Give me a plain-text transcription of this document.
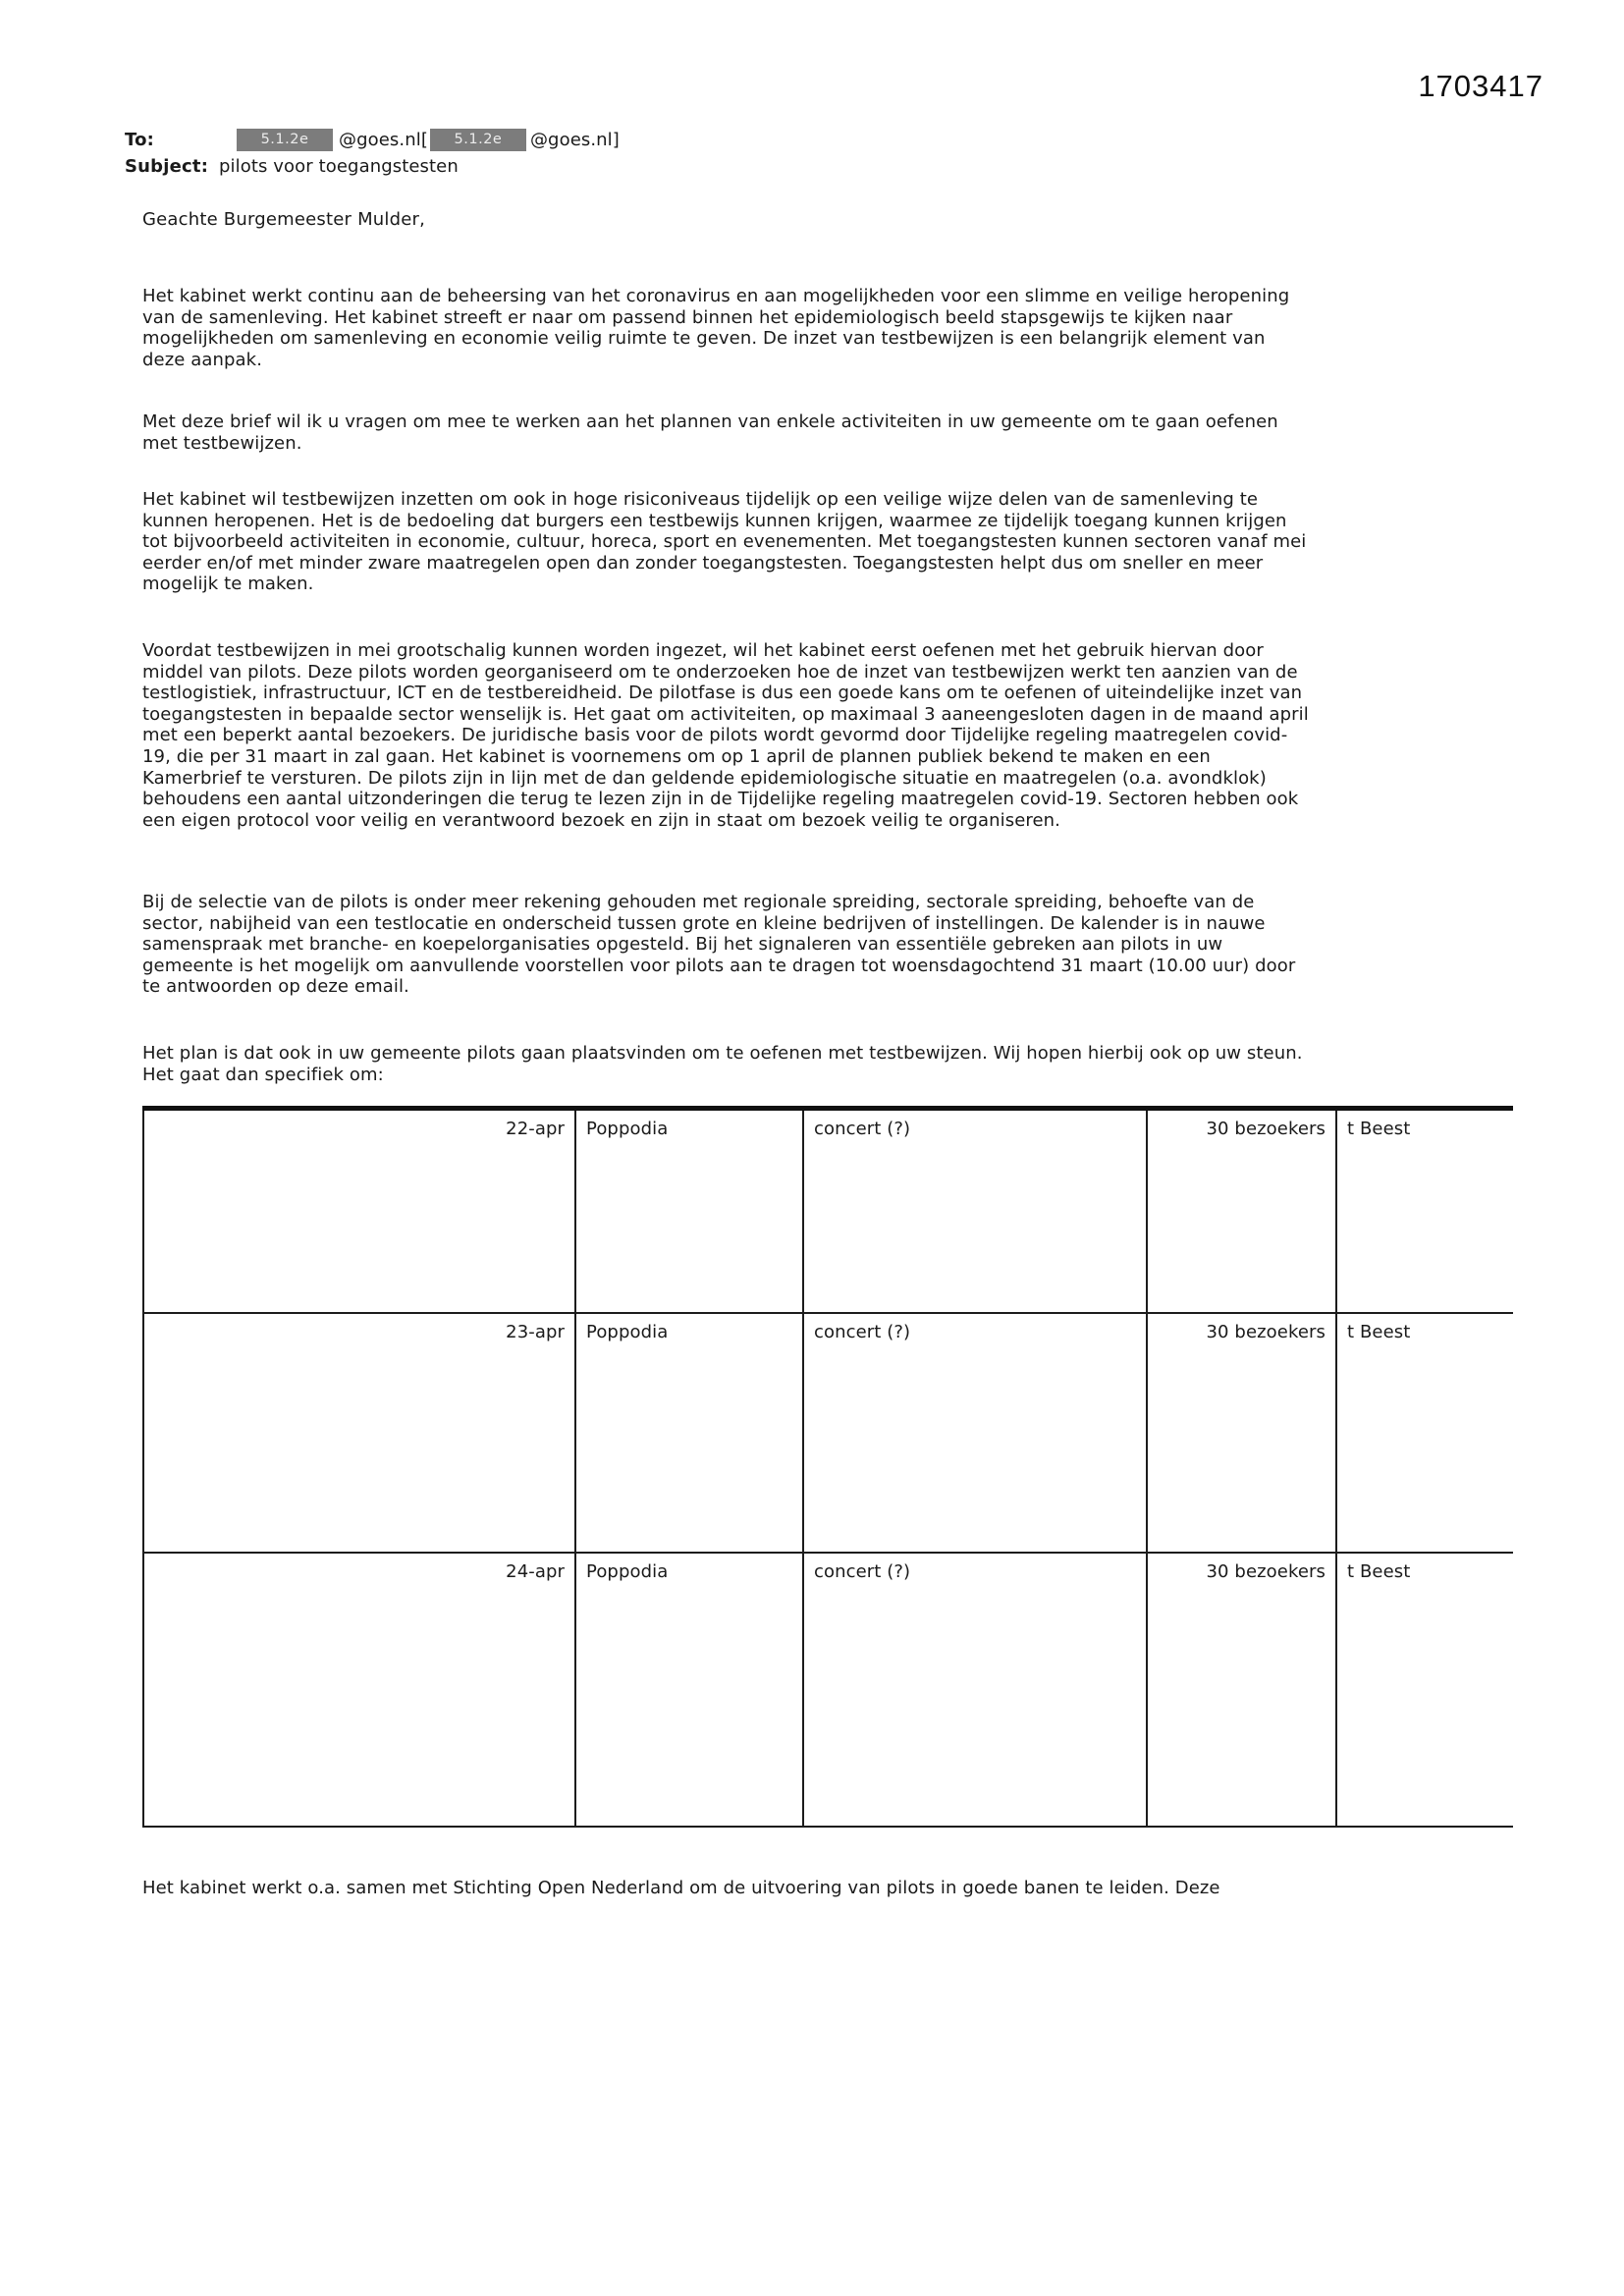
1703417
To:	5.1.2e	@goes.nl[	5.1.2e	@goes.nl]
Subject: pilots voor toegangstesten
Geachte Burgemeester Mulder,
Het kabinet werkt continu aan de beheersing van het coronavirus en aan mogelijkheden voor een slimme en veilige heropening
van de samenleving. Het kabinet streeft er naar om passend binnen het epidemiologisch beeld stapsgewijs te kijken naar
mogelijkheden om samenleving en economie veilig ruimte te geven. De inzet van testbewijzen is een belangrijk element van
deze aanpak.
Met deze brief wil ik u vragen om mee te werken aan het plannen van enkele activiteiten in uw gemeente om te gaan oefenen
met testbewijzen.
Het kabinet wil testbewijzen inzetten om ook in hoge risiconiveaus tijdelijk op een veilige wijze delen van de samenleving te
kunnen heropenen. Het is de bedoeling dat burgers een testbewijs kunnen krijgen, waarmee ze tijdelijk toegang kunnen krijgen
tot bijvoorbeeld activiteiten in economie, cultuur, horeca, sport en evenementen. Met toegangstesten kunnen sectoren vanaf mei
eerder en/of met minder zware maatregelen open dan zonder toegangstesten. Toegangstesten helpt dus om sneller en meer
mogelijk te maken.
Voordat testbewijzen in mei grootschalig kunnen worden ingezet, wil het kabinet eerst oefenen met het gebruik hiervan door
middel van pilots. Deze pilots worden georganiseerd om te onderzoeken hoe de inzet van testbewijzen werkt ten aanzien van de
testlogistiek, infrastructuur, ICT en de testbereidheid. De pilotfase is dus een goede kans om te oefenen of uiteindelijke inzet van
toegangstesten in bepaalde sector wenselijk is. Het gaat om activiteiten, op maximaal 3 aaneengesloten dagen in de maand april
met een beperkt aantal bezoekers. De juridische basis voor de pilots wordt gevormd door Tijdelijke regeling maatregelen covid-
19, die per 31 maart in zal gaan. Het kabinet is voornemens om op 1 april de plannen publiek bekend te maken en een
Kamerbrief te versturen. De pilots zijn in lijn met de dan geldende epidemiologische situatie en maatregelen (o.a. avondklok)
behoudens een aantal uitzonderingen die terug te lezen zijn in de Tijdelijke regeling maatregelen covid-19. Sectoren hebben ook
een eigen protocol voor veilig en verantwoord bezoek en zijn in staat om bezoek veilig te organiseren.
Bij de selectie van de pilots is onder meer rekening gehouden met regionale spreiding, sectorale spreiding, behoefte van de
sector, nabijheid van een testlocatie en onderscheid tussen grote en kleine bedrijven of instellingen. De kalender is in nauwe
samenspraak met branche- en koepelorganisaties opgesteld. Bij het signaleren van essentiële gebreken aan pilots in uw
gemeente is het mogelijk om aanvullende voorstellen voor pilots aan te dragen tot woensdagochtend 31 maart (10.00 uur) door
te antwoorden op deze email.
Het plan is dat ook in uw gemeente pilots gaan plaatsvinden om te oefenen met testbewijzen. Wij hopen hierbij ook op uw steun.
Het gaat dan specifiek om:
22-apr	Poppodia	concert (?)	30 bezoekers	t Beest
23-apr	Poppodia	concert (?)	30 bezoekers	t Beest
24-apr	Poppodia	concert (?)	30 bezoekers	t Beest
Het kabinet werkt o.a. samen met Stichting Open Nederland om de uitvoering van pilots in goede banen te leiden. Deze
